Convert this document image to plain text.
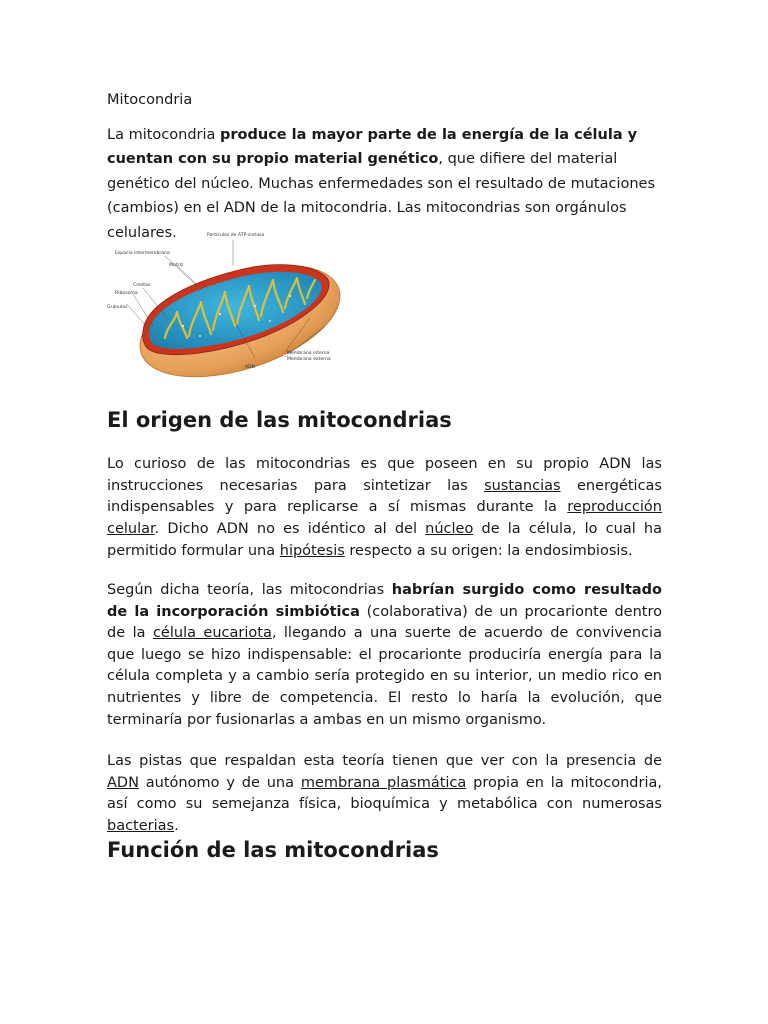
Mitocondria

La mitocondria produce la mayor parte de la energía de la célula y cuentan con su propio material genético, que difiere del material genético del núcleo. Muchas enfermedades son el resultado de mutaciones (cambios) en el ADN de la mitocondria. Las mitocondrias son orgánulos celulares.	Partículas de ATP-sintasa
Espacio intermembrana
Matriz
Crestas
Ribosoma
Gránulos
ADN
Membrana interna
Membrana externa
El origen de las mitocondrias

Lo curioso de las mitocondrias es que poseen en su propio ADN las instrucciones necesarias para sintetizar las sustancias energéticas indispensables y para replicarse a sí mismas durante la reproducción celular. Dicho ADN no es idéntico al del núcleo de la célula, lo cual ha permitido formular una hipótesis respecto a su origen: la endosimbiosis.

Según dicha teoría, las mitocondrias habrían surgido como resultado de la incorporación simbiótica (colaborativa) de un procarionte dentro de la célula eucariota, llegando a una suerte de acuerdo de convivencia que luego se hizo indispensable: el procarionte produciría energía para la célula completa y a cambio sería protegido en su interior, un medio rico en nutrientes y libre de competencia. El resto lo haría la evolución, que terminaría por fusionarlas a ambas en un mismo organismo.

Las pistas que respaldan esta teoría tienen que ver con la presencia de ADN autónomo y de una membrana plasmática propia en la mitocondria, así como su semejanza física, bioquímica y metabólica con numerosas bacterias.

Función de las mitocondrias
